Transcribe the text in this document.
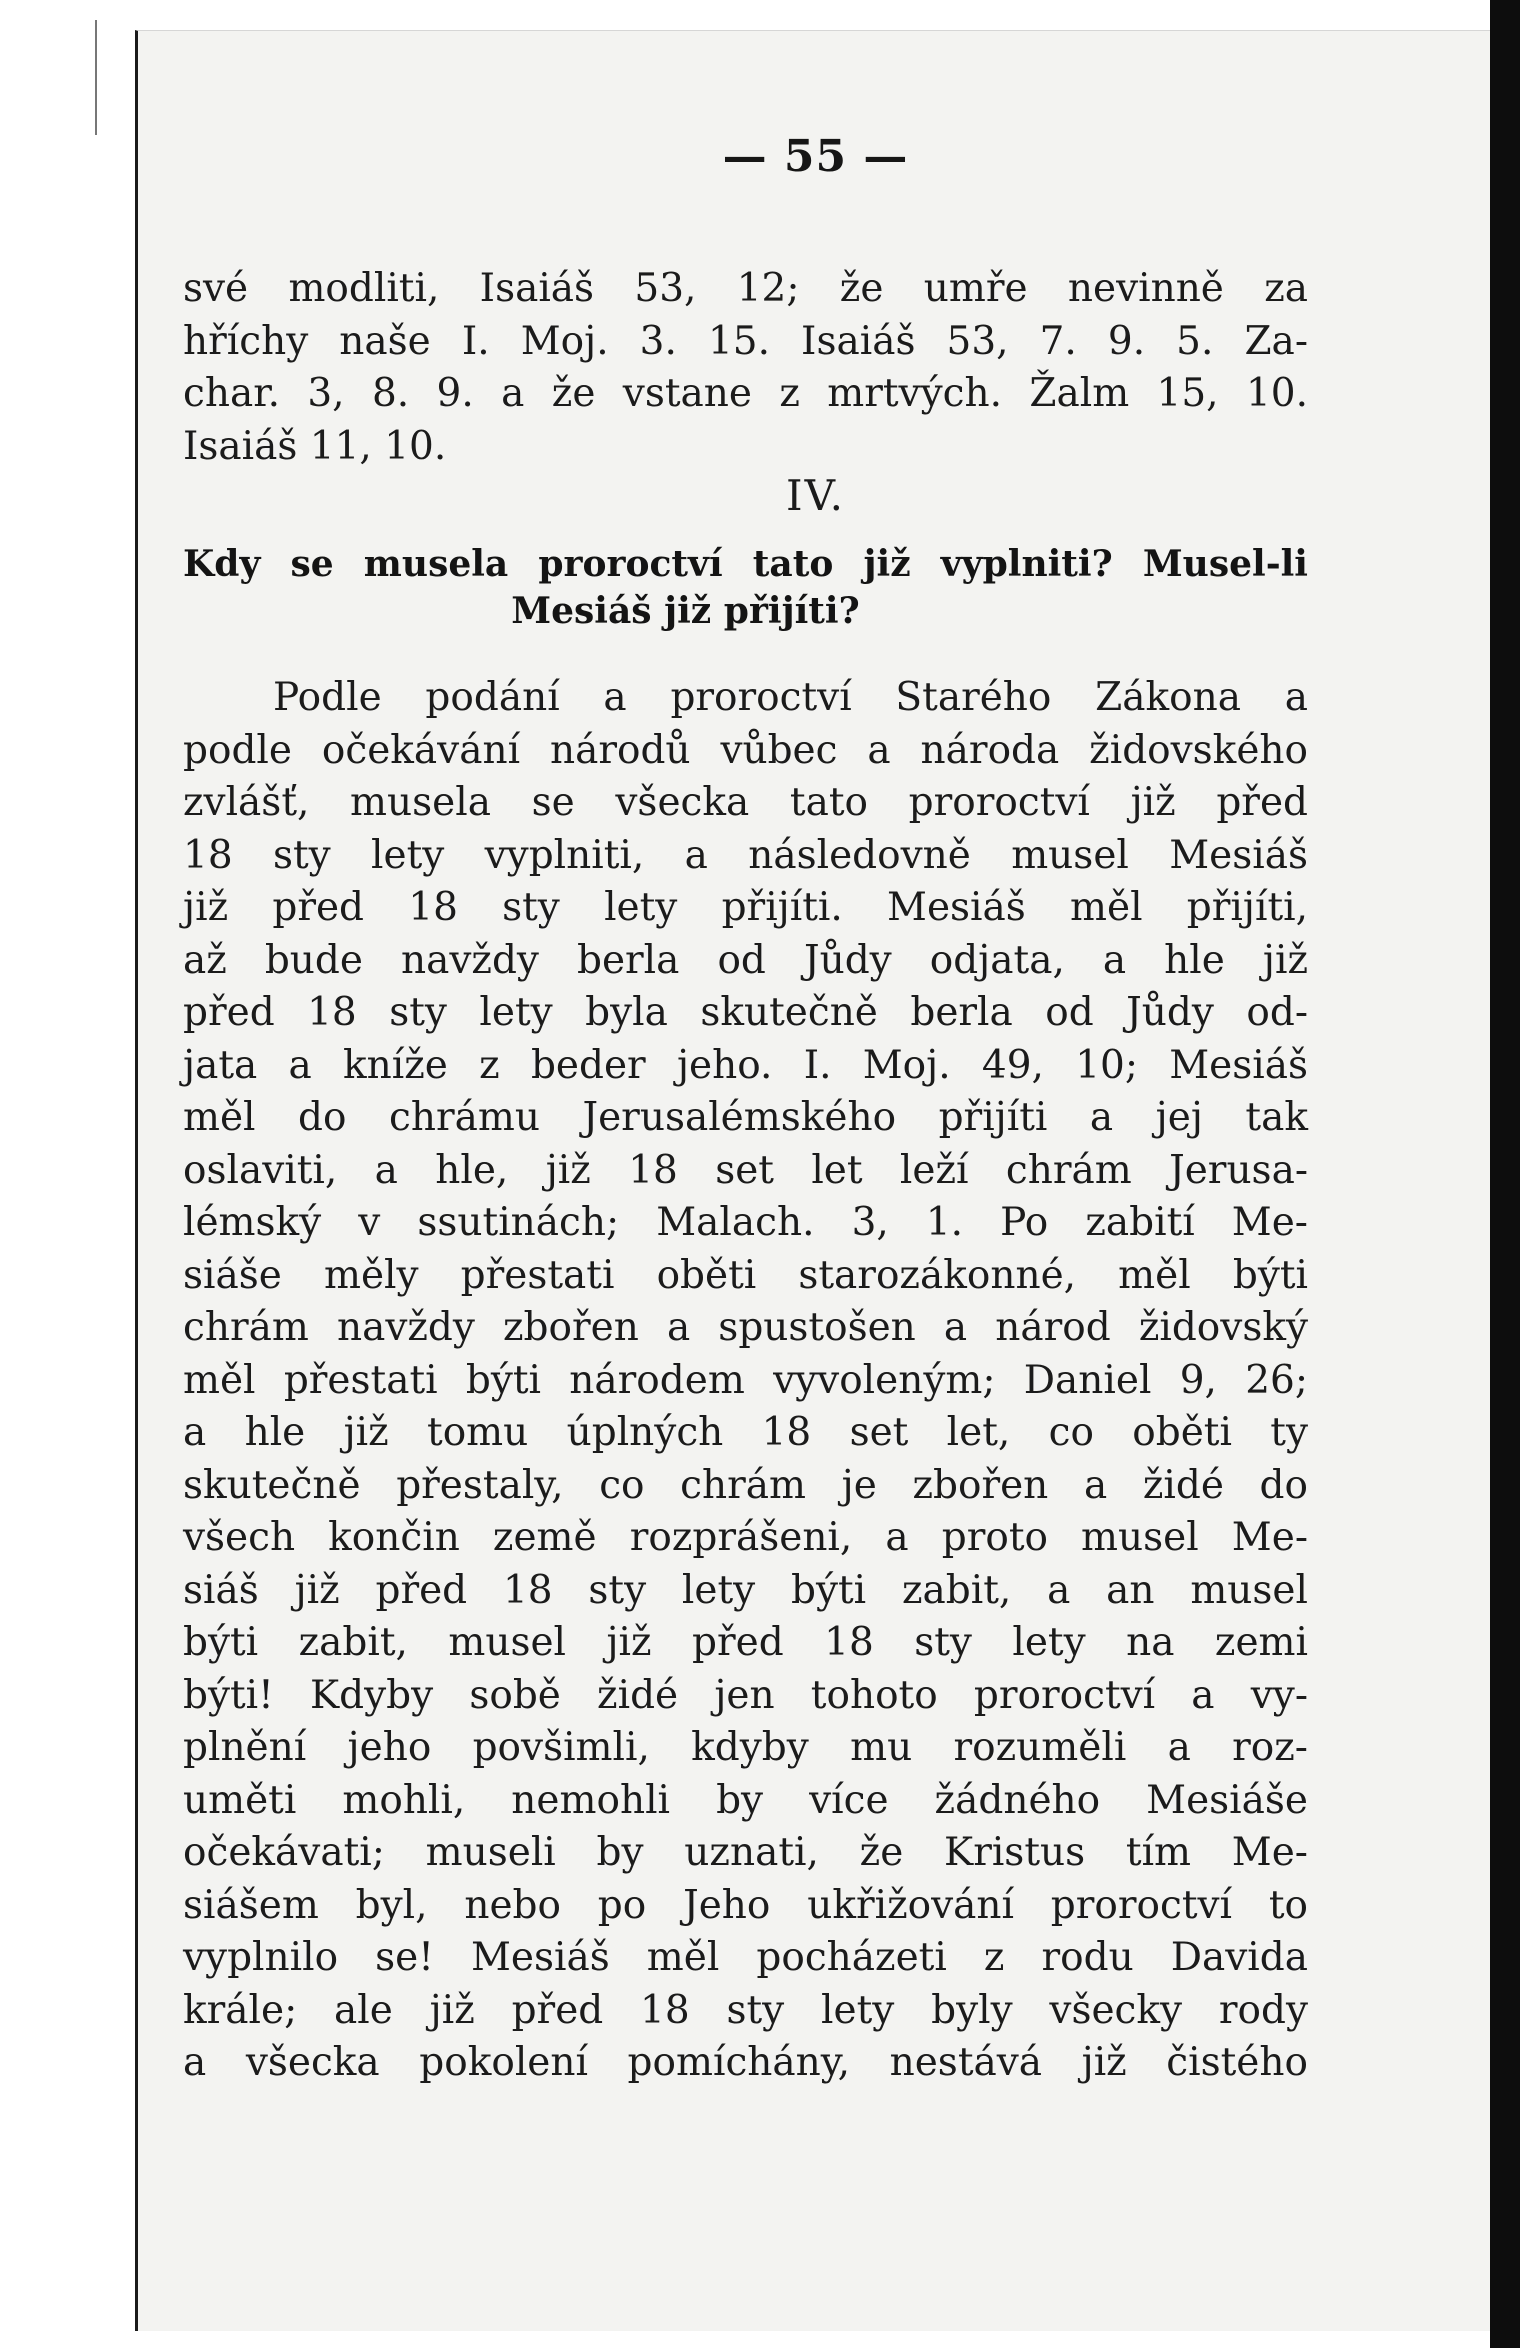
— 55 —
své modliti, Isaiáš 53, 12; že umře nevinně za
hříchy naše I. Moj. 3. 15. Isaiáš 53, 7. 9. 5. Za-
char. 3, 8. 9. a že vstane z mrtvých. Žalm 15, 10.
Isaiáš 11, 10.
IV.
Kdy se musela proroctví tato již vyplniti? Musel-li
Mesiáš již přijíti?
Podle podání a proroctví Starého Zákona a
podle očekávání národů vůbec a národa židovského
zvlášť, musela se všecka tato proroctví již před
18 sty lety vyplniti, a následovně musel Mesiáš
již před 18 sty lety přijíti. Mesiáš měl přijíti,
až bude navždy berla od Jůdy odjata, a hle již
před 18 sty lety byla skutečně berla od Jůdy od-
jata a kníže z beder jeho. I. Moj. 49, 10; Mesiáš
měl do chrámu Jerusalémského přijíti a jej tak
oslaviti, a hle, již 18 set let leží chrám Jerusa-
lémský v ssutinách; Malach. 3, 1. Po zabití Me-
siáše měly přestati oběti starozákonné, měl býti
chrám navždy zbořen a spustošen a národ židovský
měl přestati býti národem vyvoleným; Daniel 9, 26;
a hle již tomu úplných 18 set let, co oběti ty
skutečně přestaly, co chrám je zbořen a židé do
všech končin země rozprášeni, a proto musel Me-
siáš již před 18 sty lety býti zabit, a an musel
býti zabit, musel již před 18 sty lety na zemi
býti! Kdyby sobě židé jen tohoto proroctví a vy-
plnění jeho povšimli, kdyby mu rozuměli a roz-
uměti mohli, nemohli by více žádného Mesiáše
očekávati; museli by uznati, že Kristus tím Me-
siášem byl, nebo po Jeho ukřižování proroctví to
vyplnilo se! Mesiáš měl pocházeti z rodu Davida
krále; ale již před 18 sty lety byly všecky rody
a všecka pokolení pomíchány, nestává již čistého
